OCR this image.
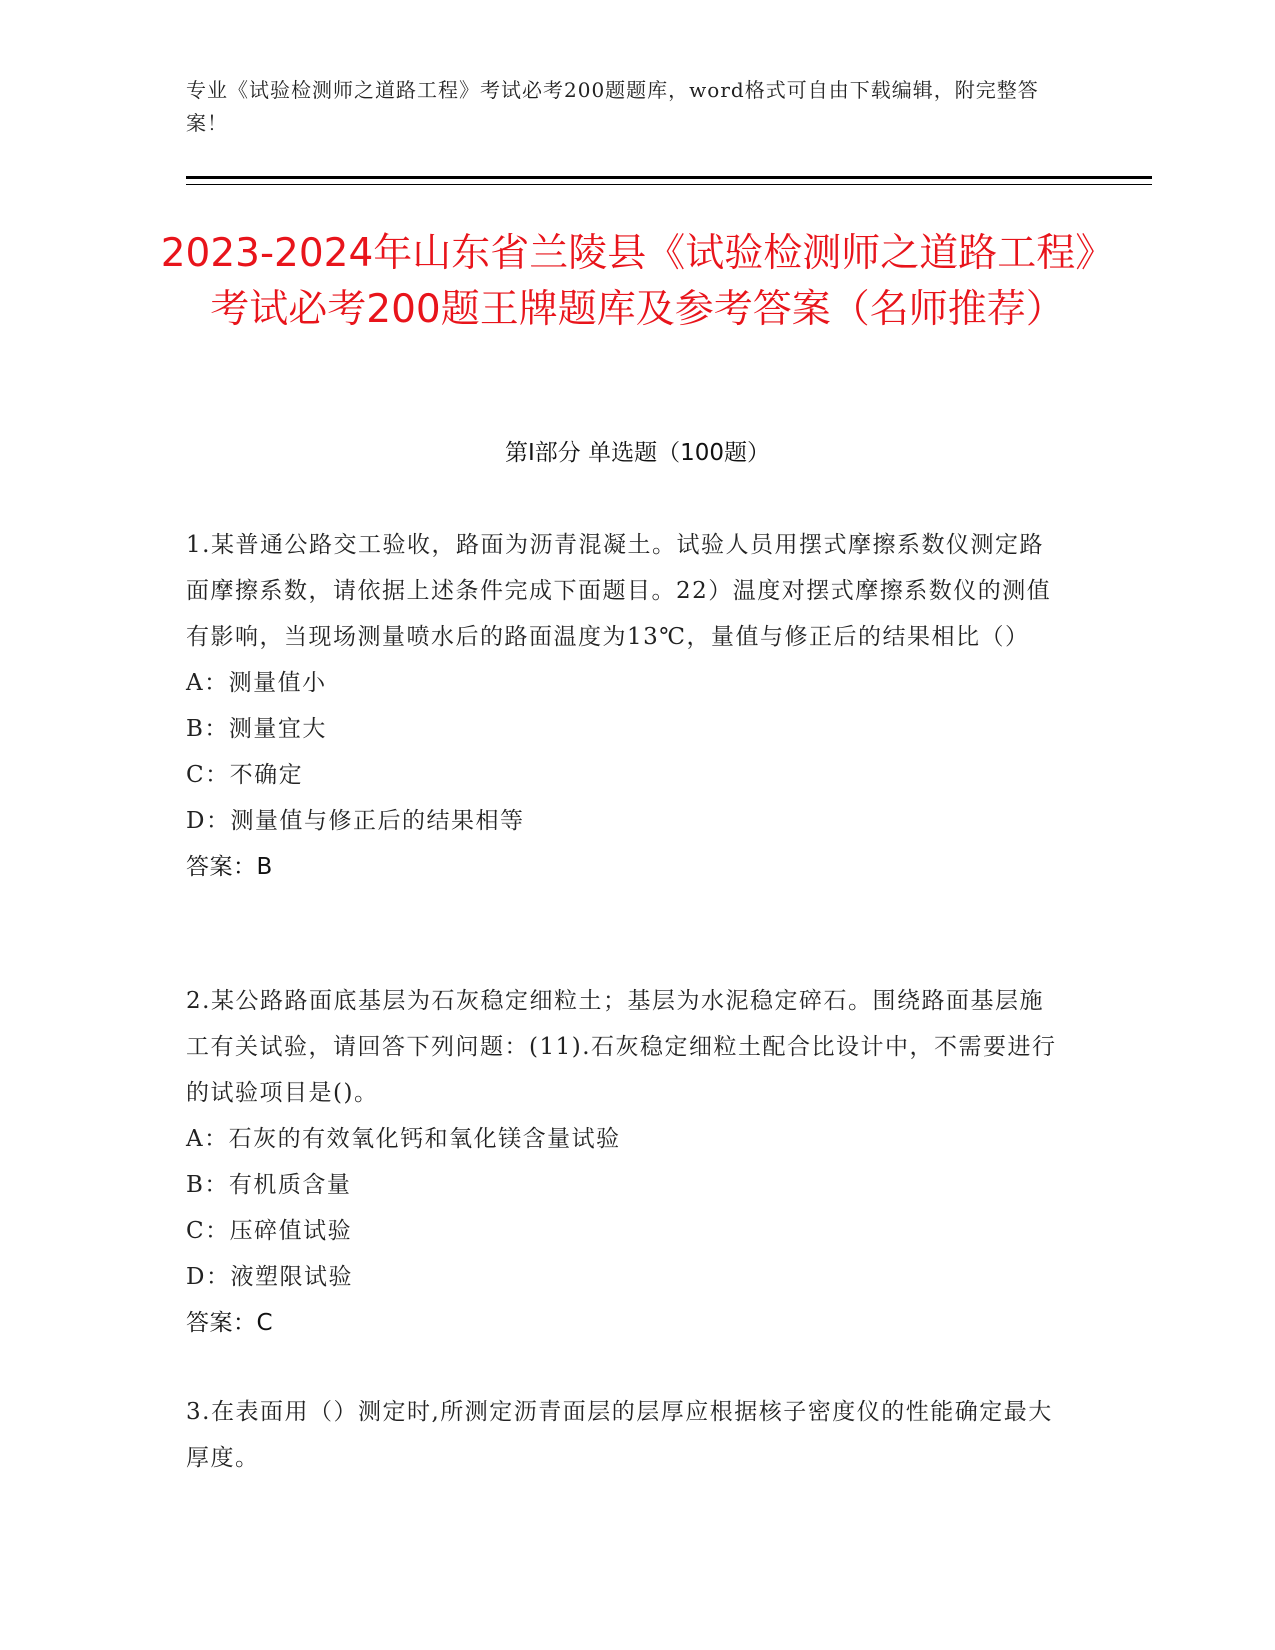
专业《试验检测师之道路工程》考试必考200题题库，word格式可自由下载编辑，附完整答案！
2023-2024年山东省兰陵县《试验检测师之道路工程》考试必考200题王牌题库及参考答案（名师推荐）
第Ⅰ部分 单选题（100题）
1.某普通公路交工验收，路面为沥青混凝土。试验人员用摆式摩擦系数仪测定路面摩擦系数，请依据上述条件完成下面题目。22）温度对摆式摩擦系数仪的测值有影响，当现场测量喷水后的路面温度为13℃，量值与修正后的结果相比（）
A：测量值小
B：测量宜大
C：不确定
D：测量值与修正后的结果相等
答案：B
2.某公路路面底基层为石灰稳定细粒土；基层为水泥稳定碎石。围绕路面基层施工有关试验，请回答下列问题：(11).石灰稳定细粒土配合比设计中，不需要进行的试验项目是()。
A：石灰的有效氧化钙和氧化镁含量试验
B：有机质含量
C：压碎值试验
D：液塑限试验
答案：C
3.在表面用（）测定时,所测定沥青面层的层厚应根据核子密度仪的性能确定最大厚度。
